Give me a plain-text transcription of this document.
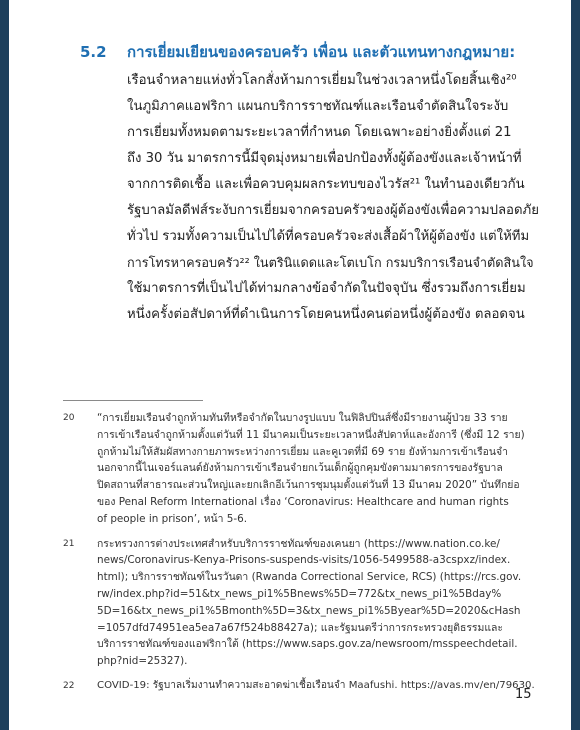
5.2 การเยี่ยมเยียนของครอบครัว เพื่อน และตัวแทนทางกฎหมาย:
เรือนจำหลายแห่งทั่วโลกสั่งห้ามการเยี่ยมในช่วงเวลาหนึ่งโดยสิ้นเชิง²⁰
ในภูมิภาคแอฟริกา แผนกบริการราชทัณฑ์และเรือนจำตัดสินใจระงับ
การเยี่ยมทั้งหมดตามระยะเวลาที่กำหนด โดยเฉพาะอย่างยิ่งตั้งแต่ 21
ถึง 30 วัน มาตรการนี้มีจุดมุ่งหมายเพื่อปกป้องทั้งผู้ต้องขังและเจ้าหน้าที่
จากการติดเชื้อ และเพื่อควบคุมผลกระทบของไวรัส²¹ ในทำนองเดียวกัน
รัฐบาลมัลดีฟส์ระงับการเยี่ยมจากครอบครัวของผู้ต้องขังเพื่อความปลอดภัย
ทั่วไป รวมทั้งความเป็นไปได้ที่ครอบครัวจะส่งเสื้อผ้าให้ผู้ต้องขัง แต่ให้ทีม
การโทรหาครอบครัว²² ในตรินิแดดและโตเบโก กรมบริการเรือนจำตัดสินใจ
ใช้มาตรการที่เป็นไปได้ท่ามกลางข้อจำกัดในปัจจุบัน ซึ่งรวมถึงการเยี่ยม
หนึ่งครั้งต่อสัปดาห์ที่ดำเนินการโดยคนหนึ่งคนต่อหนึ่งผู้ต้องขัง ตลอดจน
20 “การเยี่ยมเรือนจำถูกห้ามทันทีหรือจำกัดในบางรูปแบบ ในฟิลิปปินส์ซึ่งมีรายงานผู้ป่วย 33 ราย
การเข้าเรือนจำถูกห้ามตั้งแต่วันที่ 11 มีนาคมเป็นระยะเวลาหนึ่งสัปดาห์และอังการี (ซึ่งมี 12 ราย)
ถูกห้ามไม่ให้สัมผัสทางกายภาพระหว่างการเยี่ยม และคูเวตที่มี 69 ราย ยังห้ามการเข้าเรือนจำ
นอกจากนี้ไนเจอร์แลนด์ยังห้ามการเข้าเรือนจำยกเว้นเด็กผู้ถูกคุมขังตามมาตรการของรัฐบาล
ปิดสถานที่สาธารณะส่วนใหญ่และยกเลิกอีเว้นการชุมนุมตั้งแต่วันที่ 13 มีนาคม 2020” บันทึกย่อ
ของ Penal Reform International เรื่อง ‘Coronavirus: Healthcare and human rights
of people in prison’, หน้า 5-6.
21 กระทรวงการต่างประเทศสำหรับบริการราชทัณฑ์ของเคนยา (https://www.nation.co.ke/
news/Coronavirus-Kenya-Prisons-suspends-visits/1056-5499588-a3cspxz/index.
html); บริการราชทัณฑ์ในรวันดา (Rwanda Correctional Service, RCS) (https://rcs.gov.
rw/index.php?id=51&tx_news_pi1%5Bnews%5D=772&tx_news_pi1%5Bday%
5D=16&tx_news_pi1%5Bmonth%5D=3&tx_news_pi1%5Byear%5D=2020&cHash
=1057dfd74951ea5ea7a67f524b88427a); และรัฐมนตรีว่าการกระทรวงยุติธรรมและ
บริการราชทัณฑ์ของแอฟริกาใต้ (https://www.saps.gov.za/newsroom/msspeechdetail.
php?nid=25327).
22 COVID-19: รัฐบาลเริ่มงานทำความสะอาดฆ่าเชื้อเรือนจำ Maafushi. https://avas.mv/en/79630.
15
